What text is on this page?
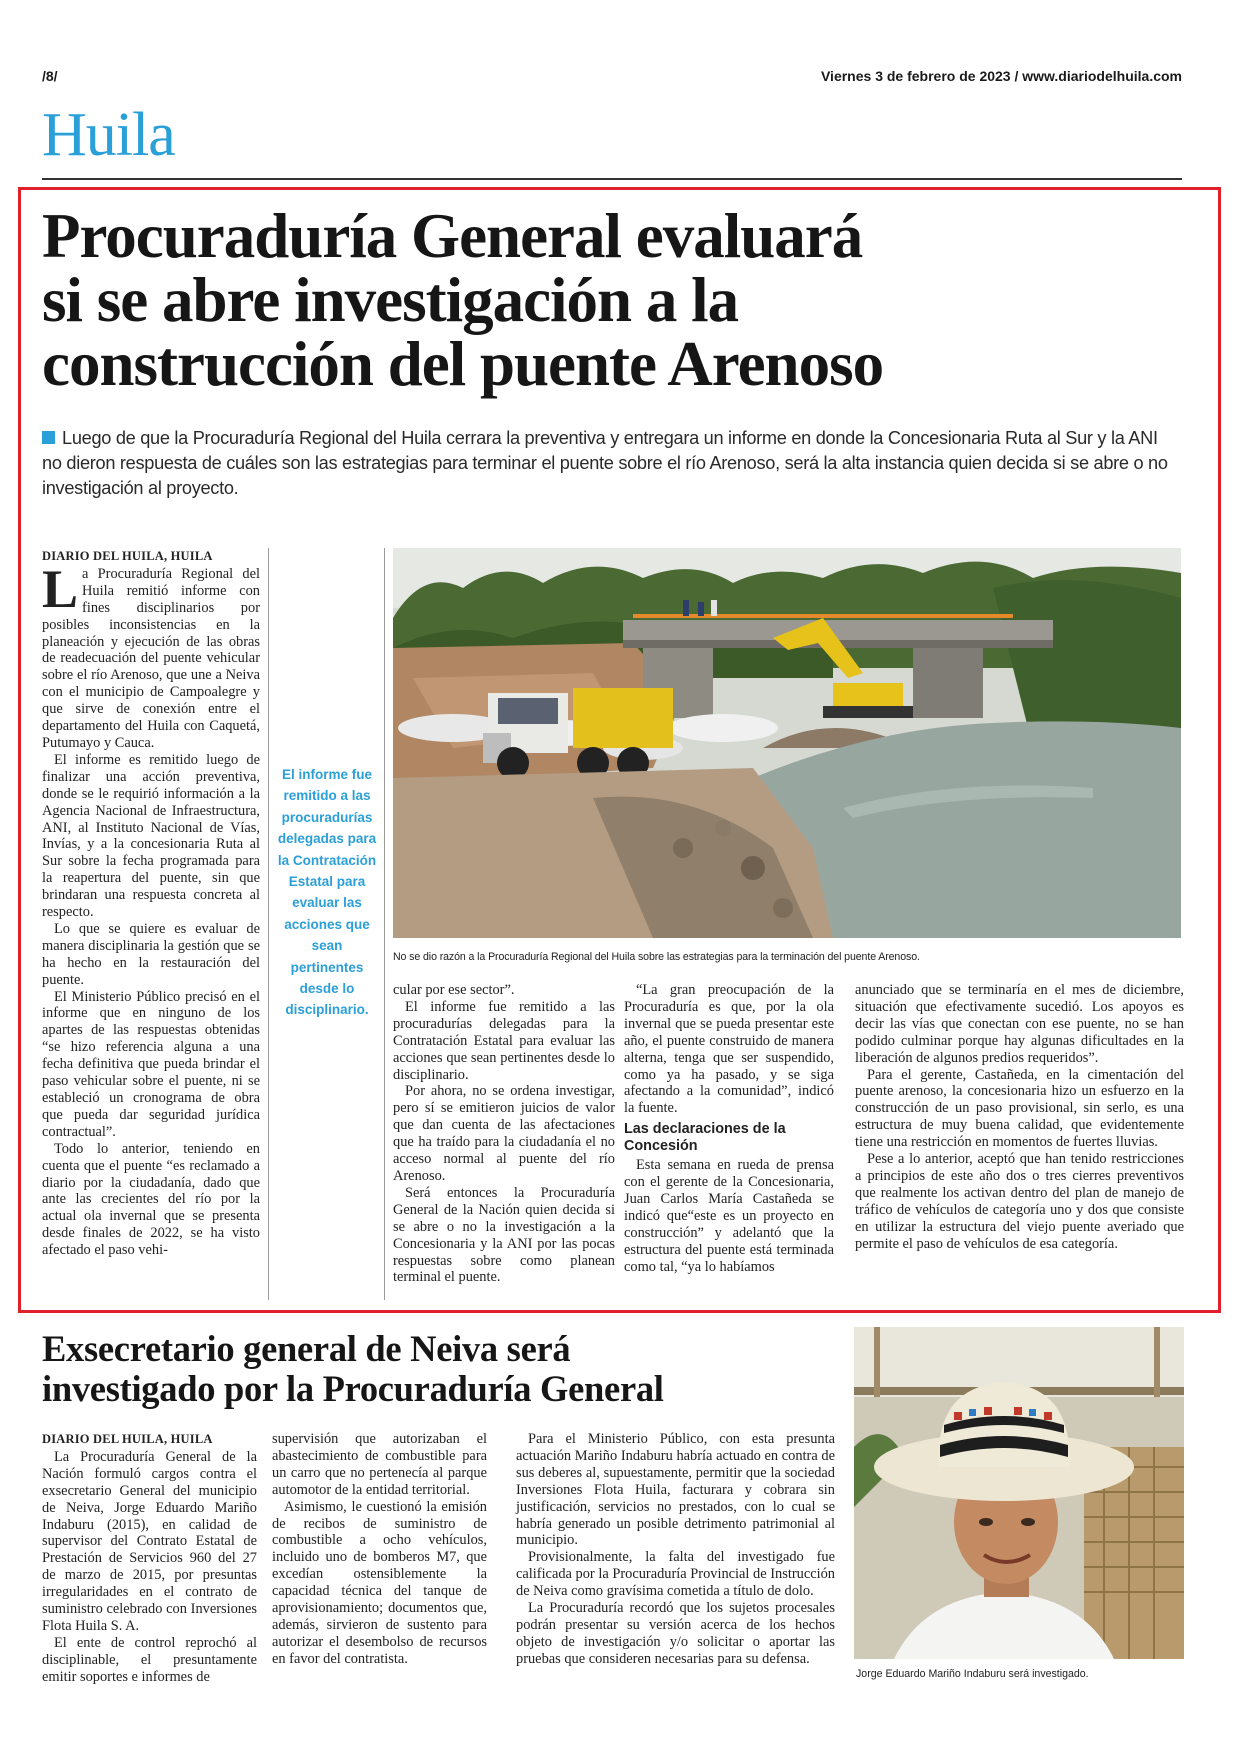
/8/	Viernes 3 de febrero de 2023 / www.diariodelhuila.com
Huila
Procuraduría General evaluará
si se abre investigación a la
construcción del puente Arenoso
Luego de que la Procuraduría Regional del Huila cerrara la preventiva y entregara un informe en donde la Concesionaria Ruta al Sur y la ANI no dieron respuesta de cuáles son las estrategias para terminar el puente sobre el río Arenoso, será la alta instancia quien decida si se abre o no investigación al proyecto.
DIARIO DEL HUILA, HUILA

La Procuraduría Regional del Huila remitió informe con fines disciplinarios por posibles inconsistencias en la planeación y ejecución de las obras de readecuación del puente vehicular sobre el río Arenoso, que une a Neiva con el municipio de Campoalegre y que sirve de conexión entre el departamento del Huila con Caquetá, Putumayo y Cauca.

El informe es remitido luego de finalizar una acción preventiva, donde se le requirió información a la Agencia Nacional de Infraestructura, ANI, al Instituto Nacional de Vías, Invías, y a la concesionaria Ruta al Sur sobre la fecha programada para la reapertura del puente, sin que brindaran una respuesta concreta al respecto.

Lo que se quiere es evaluar de manera disciplinaria la gestión que se ha hecho en la restauración del puente.

El Ministerio Público precisó en el informe que en ninguno de los apartes de las respuestas obtenidas “se hizo referencia alguna a una fecha definitiva que pueda brindar el paso vehicular sobre el puente, ni se estableció un cronograma de obra que pueda dar seguridad jurídica contractual”.

Todo lo anterior, teniendo en cuenta que el puente “es reclamado a diario por la ciudadanía, dado que ante las crecientes del río por la actual ola invernal que se presenta desde finales de 2022, se ha visto afectado el paso vehi-

El informe fue remitido a las procuradurías delegadas para la Contratación Estatal para evaluar las acciones que sean pertinentes desde lo disciplinario.
No se dio razón a la Procuraduría Regional del Huila sobre las estrategias para la terminación del puente Arenoso.

cular por ese sector”.

El informe fue remitido a las procuradurías delegadas para la Contratación Estatal para evaluar las acciones que sean pertinentes desde lo disciplinario.

Por ahora, no se ordena investigar, pero sí se emitieron juicios de valor que dan cuenta de las afectaciones que ha traído para la ciudadanía el no acceso normal al puente del río Arenoso.

Será entonces la Procuraduría General de la Nación quien decida si se abre o no la investigación a la Concesionaria y la ANI por las pocas respuestas sobre como planean terminal el puente.

“La gran preocupación de la Procuraduría es que, por la ola invernal que se pueda presentar este año, el puente construido de manera alterna, tenga que ser suspendido, como ya ha pasado, y se siga afectando a la comunidad”, indicó la fuente.

Las declaraciones de la Concesión

Esta semana en rueda de prensa con el gerente de la Concesionaria, Juan Carlos María Castañeda se indicó que“este es un proyecto en construcción” y adelantó que la estructura del puente está terminada como tal, “ya lo habíamos

anunciado que se terminaría en el mes de diciembre, situación que efectivamente sucedió. Los apoyos es decir las vías que conectan con ese puente, no se han podido culminar porque hay algunas dificultades en la liberación de algunos predios requeridos”.

Para el gerente, Castañeda, en la cimentación del puente arenoso, la concesionaria hizo un esfuerzo en la construcción de un paso provisional, sin serlo, es una estructura de muy buena calidad, que evidentemente tiene una restricción en momentos de fuertes lluvias.

Pese a lo anterior, aceptó que han tenido restricciones a principios de este año dos o tres cierres preventivos que realmente los activan dentro del plan de manejo de tráfico de vehículos de categoría uno y dos que consiste en utilizar la estructura del viejo puente averiado que permite el paso de vehículos de esa categoría.

Exsecretario general de Neiva será
investigado por la Procuraduría General
DIARIO DEL HUILA, HUILA

La Procuraduría General de la Nación formuló cargos contra el exsecretario General del municipio de Neiva, Jorge Eduardo Mariño Indaburu (2015), en calidad de supervisor del Contrato Estatal de Prestación de Servicios 960 del 27 de marzo de 2015, por presuntas irregularidades en el contrato de suministro celebrado con Inversiones Flota Huila S. A.

El ente de control reprochó al disciplinable, el presuntamente emitir soportes e informes de

supervisión que autorizaban el abastecimiento de combustible para un carro que no pertenecía al parque automotor de la entidad territorial.

Asimismo, le cuestionó la emisión de recibos de suministro de combustible a ocho vehículos, incluido uno de bomberos M7, que excedían ostensiblemente la capacidad técnica del tanque de aprovisionamiento; documentos que, además, sirvieron de sustento para autorizar el desembolso de recursos en favor del contratista.

Para el Ministerio Público, con esta presunta actuación Mariño Indaburu habría actuado en contra de sus deberes al, supuestamente, permitir que la sociedad Inversiones Flota Huila, facturara y cobrara sin justificación, servicios no prestados, con lo cual se habría generado un posible detrimento patrimonial al municipio.

Provisionalmente, la falta del investigado fue calificada por la Procuraduría Provincial de Instrucción de Neiva como gravísima cometida a título de dolo.

La Procuraduría recordó que los sujetos procesales podrán presentar su versión acerca de los hechos objeto de investigación y/o solicitar o aportar las pruebas que consideren necesarias para su defensa.

Jorge Eduardo Mariño Indaburu será investigado.
